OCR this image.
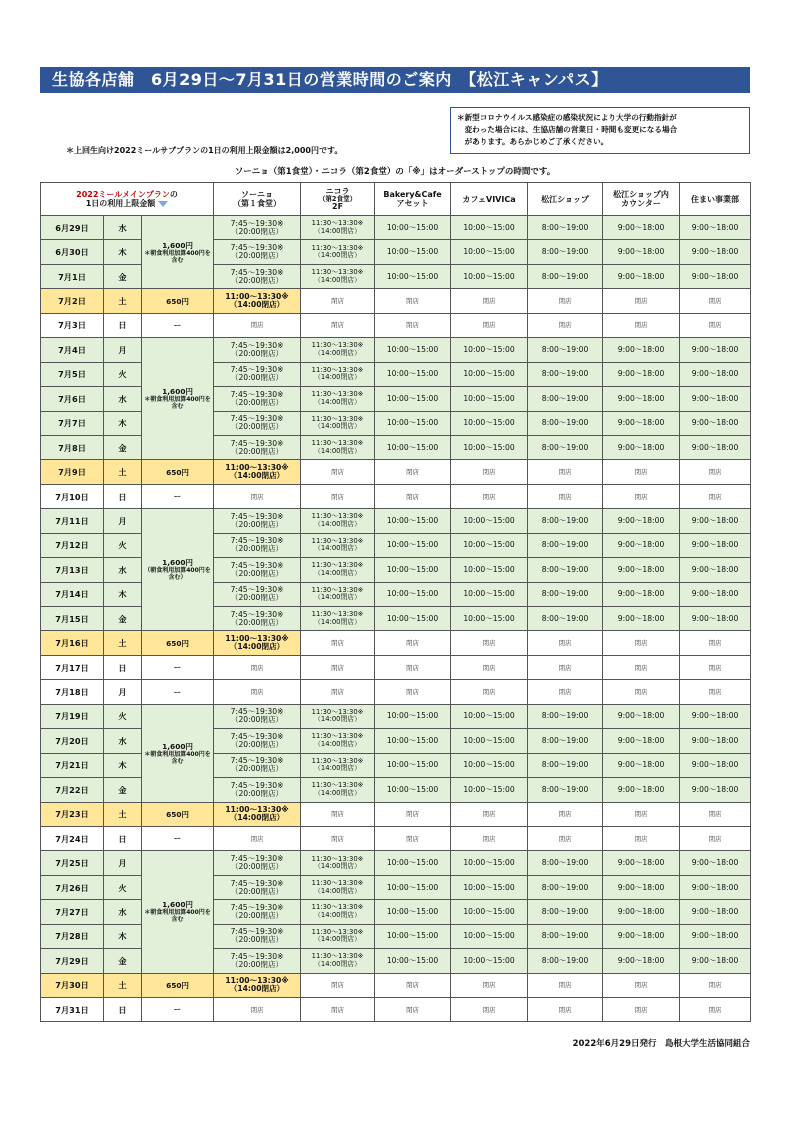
生協各店舗　6月29日～7月31日の営業時間のご案内　【松江キャンパス】
＊新型コロナウイルス感染症の感染状況により大学の行動指針が
　変わった場合には、生協店舗の営業日・時間も変更になる場合
　があります。あらかじめご了承ください。
＊上回生向け2022ミールサブプランの1日の利用上限金額は2,000円です。
ソーニョ（第1食堂）・ニコラ（第2食堂）の「※」はオーダーストップの時間です。
2022ミールメインプランの
1日の利用上限金額			ソーニョ
（第１食堂）	ニコラ
（第2食堂）
2F	Bakery&Cafe
アセット	カフェVIVICa	松江ショップ	松江ショップ内
カウンター	住まい事業部
6月29日	水	1,600円
＊朝食利用加算400円を含む	7:45～19:30※
（20:00閉店）	11:30～13:30※
（14:00閉店）	10:00～15:00	10:00～15:00	8:00～19:00	9:00～18:00	9:00～18:00
6月30日	木		7:45～19:30※
（20:00閉店）	11:30～13:30※
（14:00閉店）	10:00～15:00	10:00～15:00	8:00～19:00	9:00～18:00	9:00～18:00
7月1日	金		7:45～19:30※
（20:00閉店）	11:30～13:30※
（14:00閉店）	10:00～15:00	10:00～15:00	8:00～19:00	9:00～18:00	9:00～18:00
7月2日	土	650円	11:00～13:30※
（14:00閉店）	閉店	閉店	閉店	閉店	閉店	閉店
7月3日	日	ー	閉店	閉店	閉店	閉店	閉店	閉店	閉店
7月4日	月	1,600円
＊朝食利用加算400円を含む	7:45～19:30※
（20:00閉店）	11:30～13:30※
（14:00閉店）	10:00～15:00	10:00～15:00	8:00～19:00	9:00～18:00	9:00～18:00
7月5日	火		7:45～19:30※
（20:00閉店）	11:30～13:30※
（14:00閉店）	10:00～15:00	10:00～15:00	8:00～19:00	9:00～18:00	9:00～18:00
7月6日	水		7:45～19:30※
（20:00閉店）	11:30～13:30※
（14:00閉店）	10:00～15:00	10:00～15:00	8:00～19:00	9:00～18:00	9:00～18:00
7月7日	木		7:45～19:30※
（20:00閉店）	11:30～13:30※
（14:00閉店）	10:00～15:00	10:00～15:00	8:00～19:00	9:00～18:00	9:00～18:00
7月8日	金		7:45～19:30※
（20:00閉店）	11:30～13:30※
（14:00閉店）	10:00～15:00	10:00～15:00	8:00～19:00	9:00～18:00	9:00～18:00
7月9日	土	650円	11:00～13:30※
（14:00閉店）	閉店	閉店	閉店	閉店	閉店	閉店
7月10日	日	ー	閉店	閉店	閉店	閉店	閉店	閉店	閉店
7月11日	月	1,600円
（朝食利用加算400円を含む）	7:45～19:30※
（20:00閉店）	11:30～13:30※
（14:00閉店）	10:00～15:00	10:00～15:00	8:00～19:00	9:00～18:00	9:00～18:00
7月12日	火		7:45～19:30※
（20:00閉店）	11:30～13:30※
（14:00閉店）	10:00～15:00	10:00～15:00	8:00～19:00	9:00～18:00	9:00～18:00
7月13日	水		7:45～19:30※
（20:00閉店）	11:30～13:30※
（14:00閉店）	10:00～15:00	10:00～15:00	8:00～19:00	9:00～18:00	9:00～18:00
7月14日	木		7:45～19:30※
（20:00閉店）	11:30～13:30※
（14:00閉店）	10:00～15:00	10:00～15:00	8:00～19:00	9:00～18:00	9:00～18:00
7月15日	金		7:45～19:30※
（20:00閉店）	11:30～13:30※
（14:00閉店）	10:00～15:00	10:00～15:00	8:00～19:00	9:00～18:00	9:00～18:00
7月16日	土	650円	11:00～13:30※
（14:00閉店）	閉店	閉店	閉店	閉店	閉店	閉店
7月17日	日	ー	閉店	閉店	閉店	閉店	閉店	閉店	閉店
7月18日	月	ー	閉店	閉店	閉店	閉店	閉店	閉店	閉店
7月19日	火	1,600円
＊朝食利用加算400円を含む	7:45～19:30※
（20:00閉店）	11:30～13:30※
（14:00閉店）	10:00～15:00	10:00～15:00	8:00～19:00	9:00～18:00	9:00～18:00
7月20日	水		7:45～19:30※
（20:00閉店）	11:30～13:30※
（14:00閉店）	10:00～15:00	10:00～15:00	8:00～19:00	9:00～18:00	9:00～18:00
7月21日	木		7:45～19:30※
（20:00閉店）	11:30～13:30※
（14:00閉店）	10:00～15:00	10:00～15:00	8:00～19:00	9:00～18:00	9:00～18:00
7月22日	金		7:45～19:30※
（20:00閉店）	11:30～13:30※
（14:00閉店）	10:00～15:00	10:00～15:00	8:00～19:00	9:00～18:00	9:00～18:00
7月23日	土	650円	11:00～13:30※
（14:00閉店）	閉店	閉店	閉店	閉店	閉店	閉店
7月24日	日	ー	閉店	閉店	閉店	閉店	閉店	閉店	閉店
7月25日	月	1,600円
＊朝食利用加算400円を含む	7:45～19:30※
（20:00閉店）	11:30～13:30※
（14:00閉店）	10:00～15:00	10:00～15:00	8:00～19:00	9:00～18:00	9:00～18:00
7月26日	火		7:45～19:30※
（20:00閉店）	11:30～13:30※
（14:00閉店）	10:00～15:00	10:00～15:00	8:00～19:00	9:00～18:00	9:00～18:00
7月27日	水		7:45～19:30※
（20:00閉店）	11:30～13:30※
（14:00閉店）	10:00～15:00	10:00～15:00	8:00～19:00	9:00～18:00	9:00～18:00
7月28日	木		7:45～19:30※
（20:00閉店）	11:30～13:30※
（14:00閉店）	10:00～15:00	10:00～15:00	8:00～19:00	9:00～18:00	9:00～18:00
7月29日	金		7:45～19:30※
（20:00閉店）	11:30～13:30※
（14:00閉店）	10:00～15:00	10:00～15:00	8:00～19:00	9:00～18:00	9:00～18:00
7月30日	土	650円	11:00～13:30※
（14:00閉店）	閉店	閉店	閉店	閉店	閉店	閉店
7月31日	日	ー	閉店	閉店	閉店	閉店	閉店	閉店	閉店
2022年6月29日発行　島根大学生活協同組合
